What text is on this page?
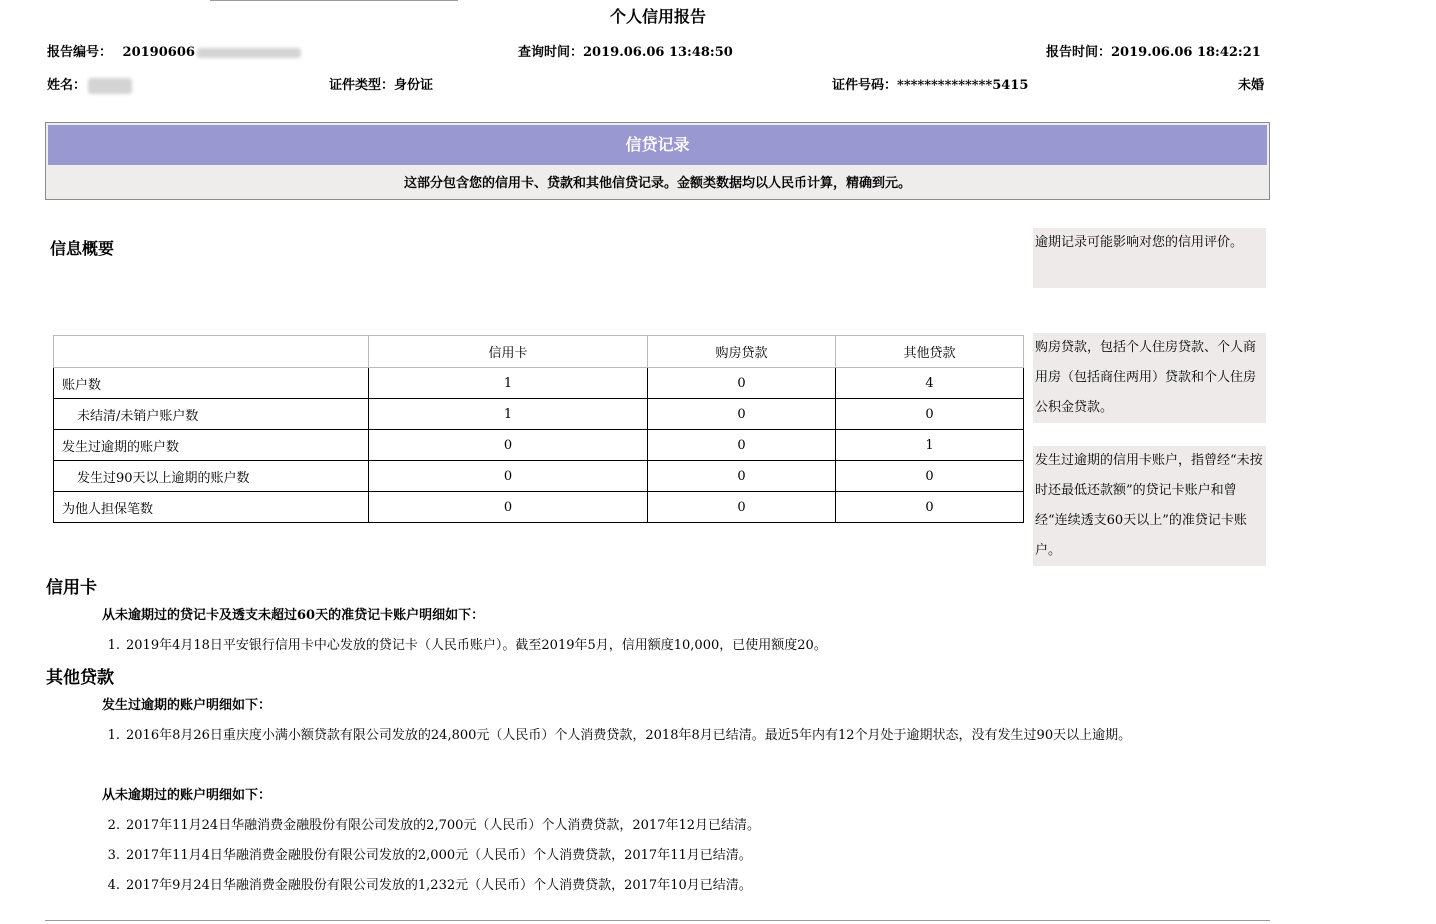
个人信用报告
报告编号： 20190606	查询时间：2019.06.06 13:48:50	报告时间：2019.06.06 18:42:21
姓名：	证件类型：身份证	证件号码：**************5415	未婚
信贷记录
这部分包含您的信用卡、贷款和其他信贷记录。金额类数据均以人民币计算，精确到元。
信息概要
	信用卡	购房贷款	其他贷款
账户数	1	0	4
未结清/未销户账户数	1	0	0
发生过逾期的账户数	0	0	1
发生过90天以上逾期的账户数	0	0	0
为他人担保笔数	0	0	0
逾期记录可能影响对您的信用评价。
购房贷款，包括个人住房贷款、个人商用房（包括商住两用）贷款和个人住房公积金贷款。
发生过逾期的信用卡账户，指曾经“未按时还最低还款额”的贷记卡账户和曾经“连续透支60天以上”的准贷记卡账户。
信用卡
从未逾期过的贷记卡及透支未超过60天的准贷记卡账户明细如下：
1. 2019年4月18日平安银行信用卡中心发放的贷记卡（人民币账户）。截至2019年5月，信用额度10,000，已使用额度20。
其他贷款
发生过逾期的账户明细如下：
1. 2016年8月26日重庆度小满小额贷款有限公司发放的24,800元（人民币）个人消费贷款，2018年8月已结清。最近5年内有12个月处于逾期状态，没有发生过90天以上逾期。
从未逾期过的账户明细如下：
2. 2017年11月24日华融消费金融股份有限公司发放的2,700元（人民币）个人消费贷款，2017年12月已结清。
3. 2017年11月4日华融消费金融股份有限公司发放的2,000元（人民币）个人消费贷款，2017年11月已结清。
4. 2017年9月24日华融消费金融股份有限公司发放的1,232元（人民币）个人消费贷款，2017年10月已结清。
